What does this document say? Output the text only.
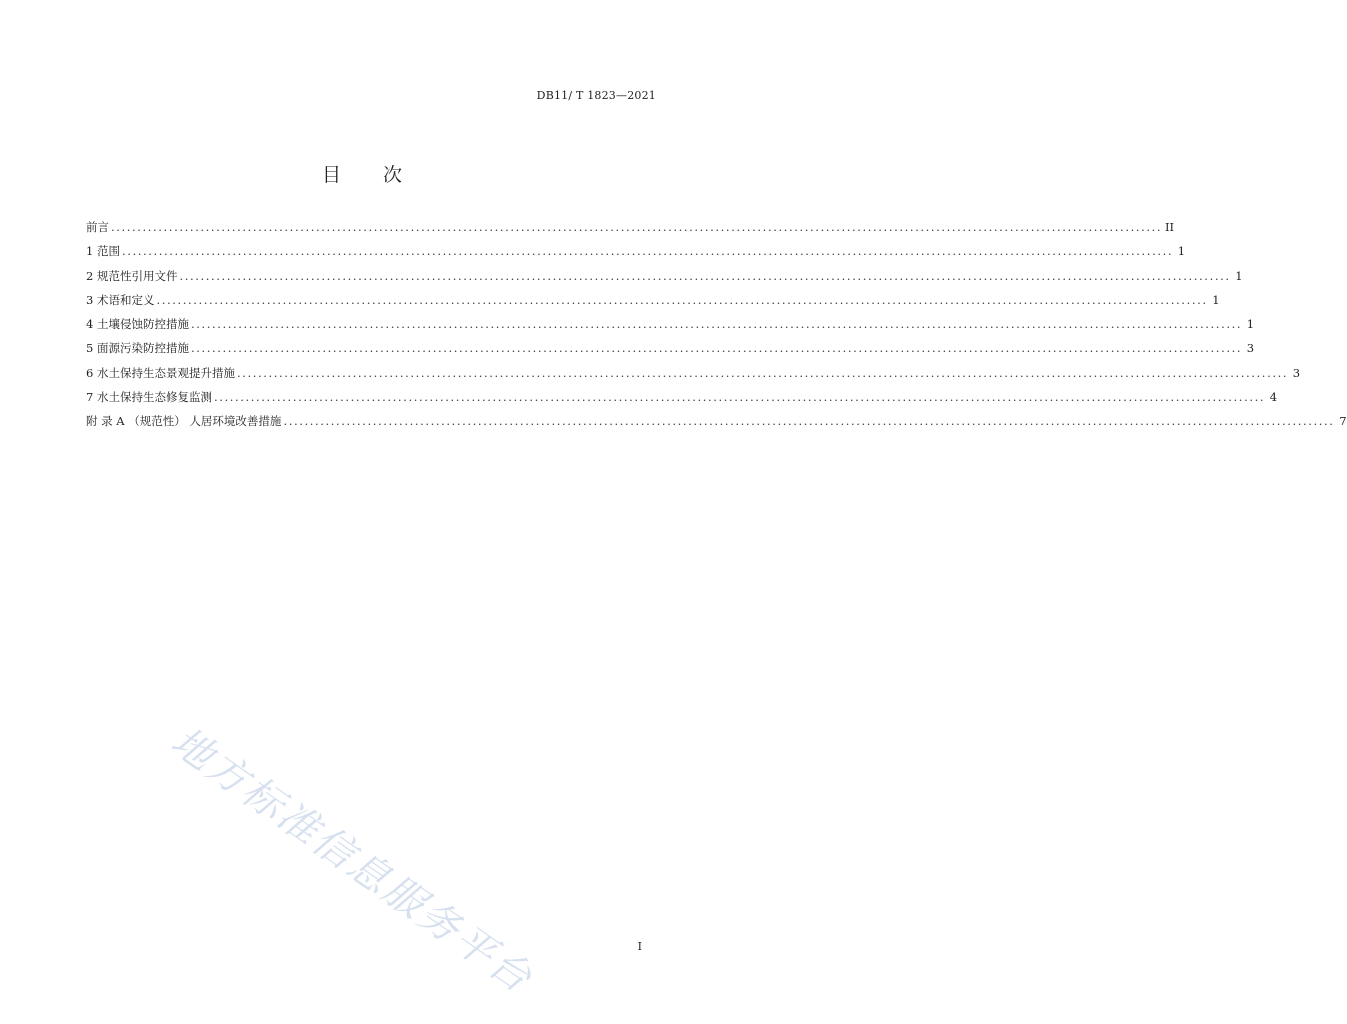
DB11/ T 1823—2021
目 次
前言 ........................................................................................................................................................................................................ II
1 范围 ........................................................................................................................................................................................................ 1
2 规范性引用文件 ........................................................................................................................................................................................................ 1
3 术语和定义 ........................................................................................................................................................................................................ 1
4 土壤侵蚀防控措施 ........................................................................................................................................................................................................ 1
5 面源污染防控措施 ........................................................................................................................................................................................................ 3
6 水土保持生态景观提升措施 ........................................................................................................................................................................................................ 3
7 水土保持生态修复监测 ........................................................................................................................................................................................................ 4
附 录 A （规范性） 人居环境改善措施 ........................................................................................................................................................................................................ 7
地方标准信息服务平台	I
